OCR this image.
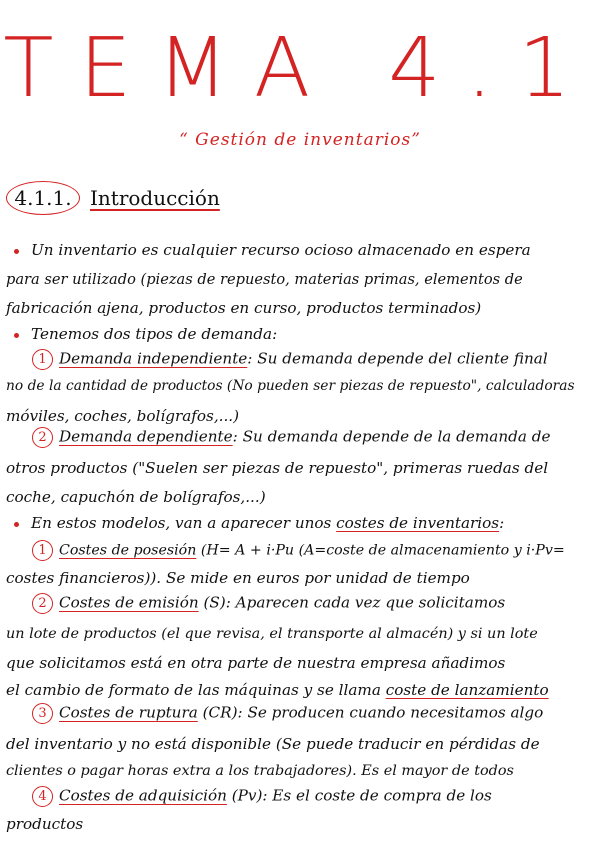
TEMA 4.1
“ Gestión de inventarios”
4.1.1. Introducción
Un inventario es cualquier recurso ocioso almacenado en espera
para ser utilizado (piezas de repuesto, materias primas, elementos de
fabricación ajena, productos en curso, productos terminados)
Tenemos dos tipos de demanda:
1 Demanda independiente: Su demanda depende del cliente final
no de la cantidad de productos (No pueden ser piezas de repuesto", calculadoras
móviles, coches, bolígrafos,...)
2 Demanda dependiente: Su demanda depende de la demanda de
otros productos ("Suelen ser piezas de repuesto", primeras ruedas del
coche, capuchón de bolígrafos,...)
En estos modelos, van a aparecer unos costes de inventarios:
1 Costes de posesión (H= A + i·Pu (A=coste de almacenamiento y i·Pv=
costes financieros)). Se mide en euros por unidad de tiempo
2 Costes de emisión (S): Aparecen cada vez que solicitamos
un lote de productos (el que revisa, el transporte al almacén) y si un lote
que solicitamos está en otra parte de nuestra empresa añadimos
el cambio de formato de las máquinas y se llama coste de lanzamiento
3 Costes de ruptura (CR): Se producen cuando necesitamos algo
del inventario y no está disponible (Se puede traducir en pérdidas de
clientes o pagar horas extra a los trabajadores). Es el mayor de todos
4 Costes de adquisición (Pv): Es el coste de compra de los
productos
